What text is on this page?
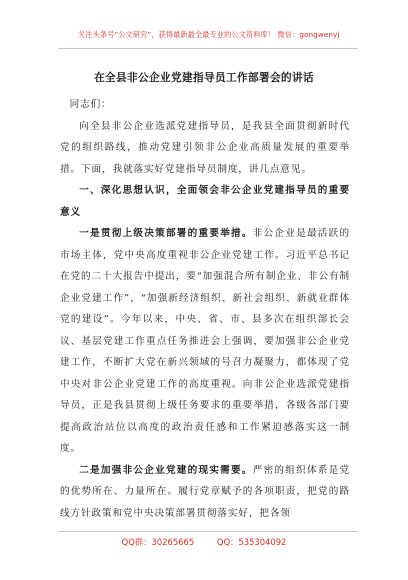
关注头条号“公文研究”，获得最新最全最专业的公文资料库！ 微信：gongwenyj
在全县非公企业党建指导员工作部署会的讲话

同志们：

向全县非公企业选派党建指导员，是我县全面贯彻新时代党的组织路线，推动党建引领非公企业高质量发展的重要举措。下面，我就落实好党建指导员制度，讲几点意见。

一、深化思想认识，全面领会非公企业党建指导员的重要意义

一是贯彻上级决策部署的重要举措。非公企业是最活跃的市场主体，党中央高度重视非公企业党建工作。习近平总书记在党的二十大报告中提出，要“加强混合所有制企业、非公有制企业党建工作”，“加强新经济组织、新社会组织、新就业群体党的建设”。今年以来，中央、省、市、县多次在组织部长会议、基层党建工作重点任务推进会上强调，要加强非公企业党建工作，不断扩大党在新兴领域的号召力凝聚力，都体现了党中央对非公企业党建工作的高度重视。向非公企业选派党建指导员，正是我县贯彻上级任务要求的重要举措，各级各部门要提高政治站位以高度的政治责任感和工作紧迫感落实这一制度。

二是加强非公企业党建的现实需要。严密的组织体系是党的优势所在、力量所在。履行党章赋予的各项职责，把党的路线方针政策和党中央决策部署贯彻落实好，把各领

QQ群：30265665	QQ：535304092
